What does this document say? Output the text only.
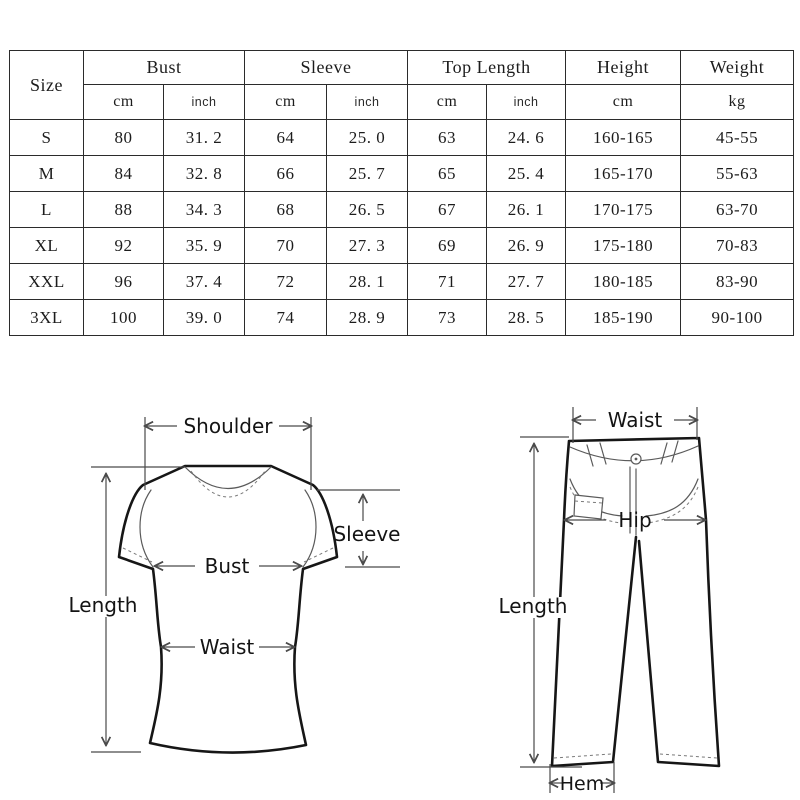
Size	Bust		Sleeve		Top Length		Height	Weight
	cm	inch	cm	inch	cm	inch	cm	kg
S	80	31. 2	64	25. 0	63	24. 6	160-165	45-55
M	84	32. 8	66	25. 7	65	25. 4	165-170	55-63
L	88	34. 3	68	26. 5	67	26. 1	170-175	63-70
XL	92	35. 9	70	27. 3	69	26. 9	175-180	70-83
XXL	96	37. 4	72	28. 1	71	27. 7	180-185	83-90
3XL	100	39. 0	74	28. 9	73	28. 5	185-190	90-100
Shoulder
Length
Sleeve
Bust
Waist
Waist
Hip
Length
Hem
